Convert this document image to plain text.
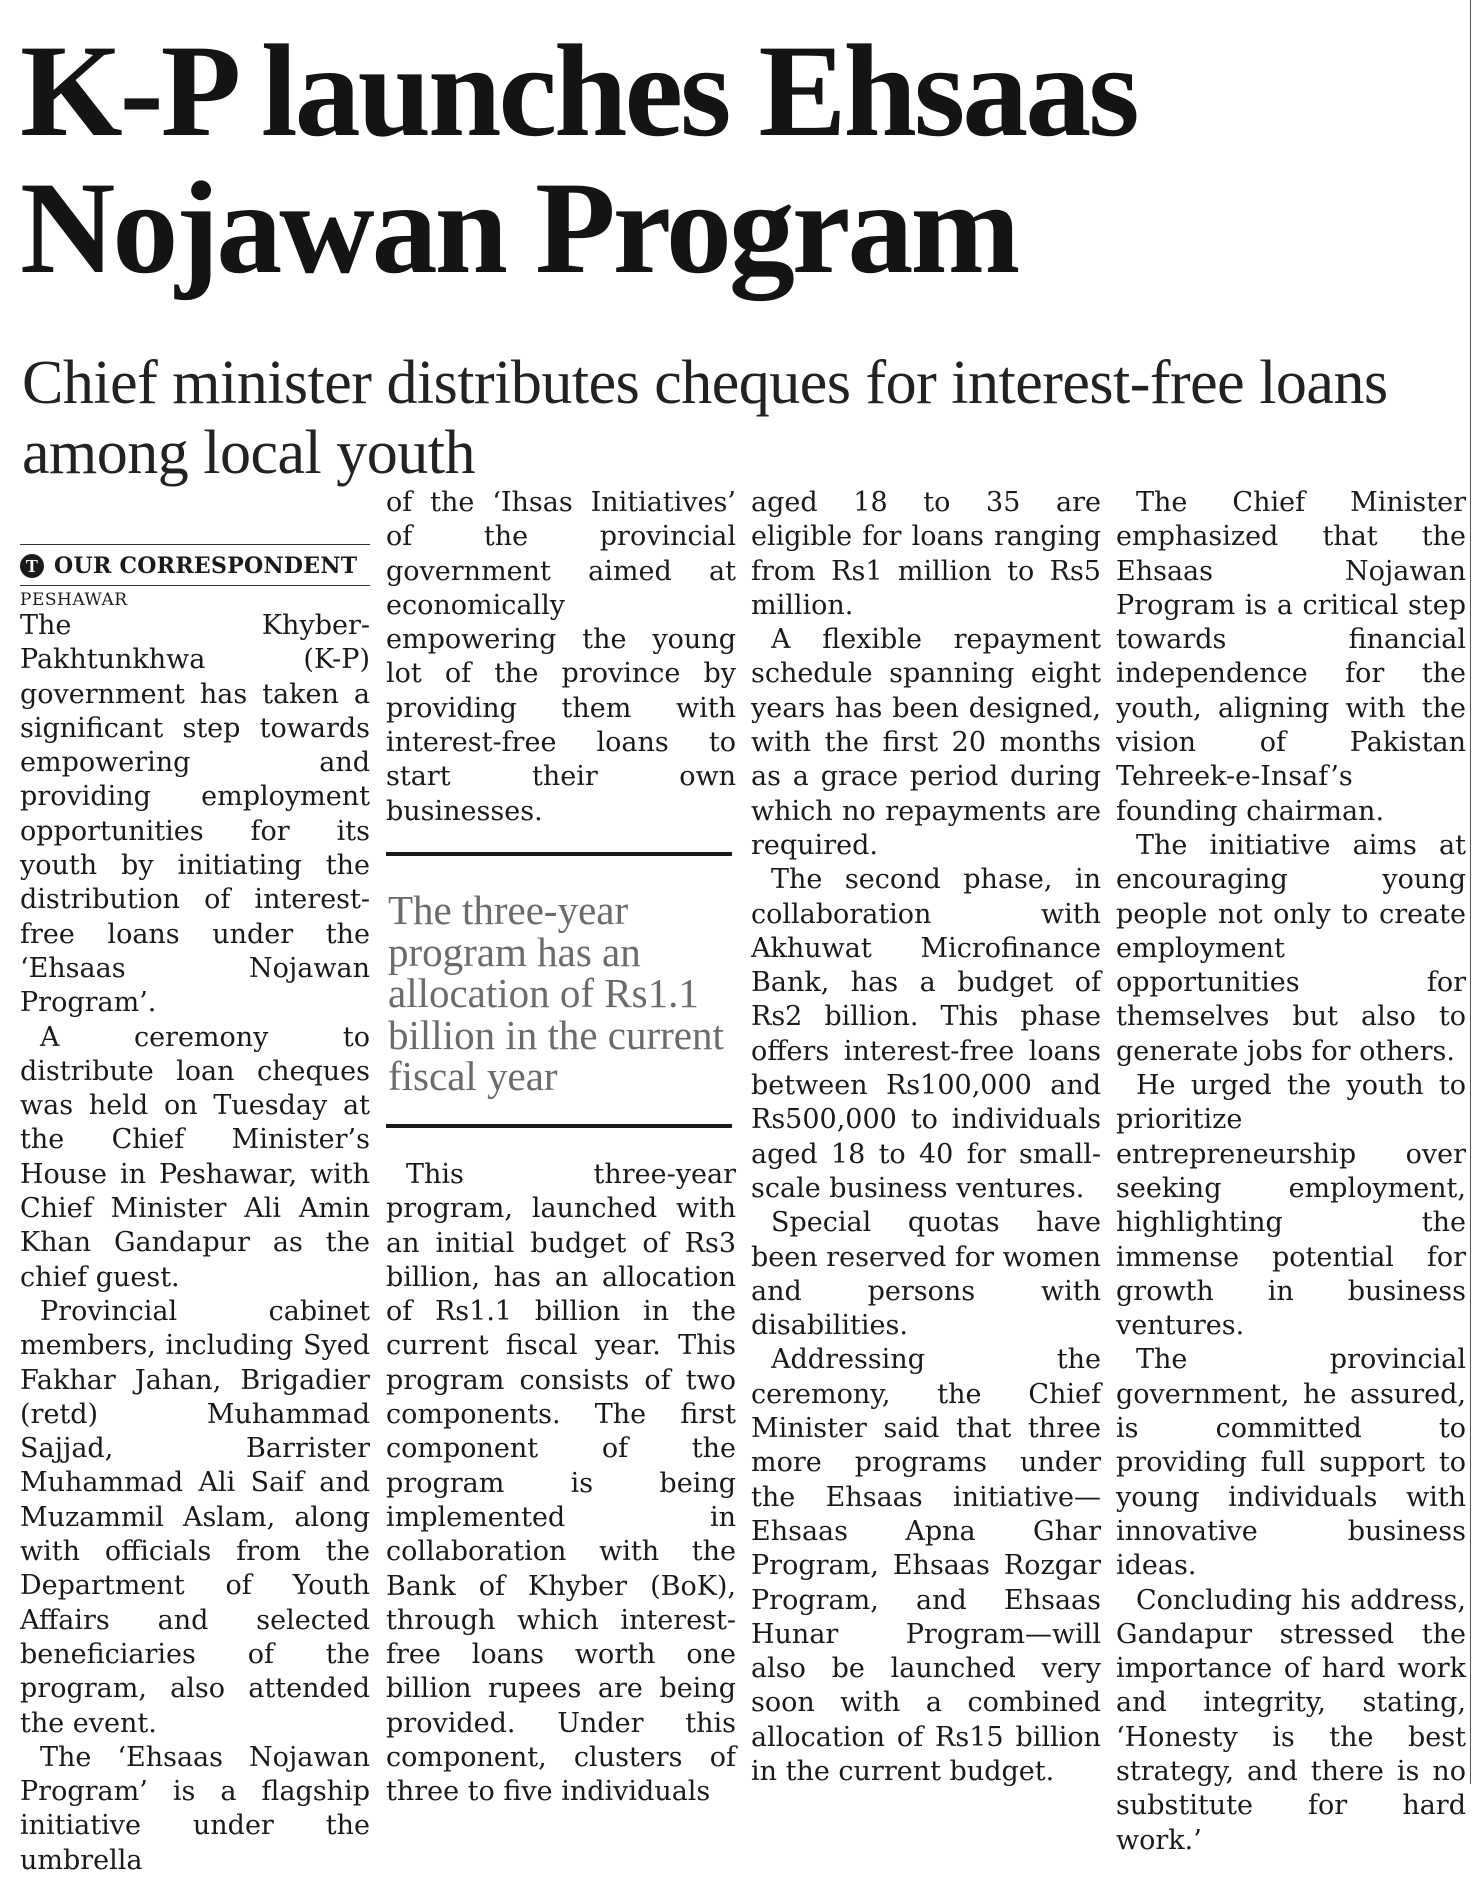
K-P launches Ehsaas Nojawan Program
Chief minister distributes cheques for interest-free loans among local youth
T OUR CORRESPONDENT
PESHAWAR

The Khyber-Pakhtunkhwa (K-P) government has taken a significant step towards empowering and providing employment opportunities for its youth by initiating the distribution of interest-free loans under the ‘Ehsaas Nojawan Program’.

A ceremony to distribute loan cheques was held on Tuesday at the Chief Minister’s House in Peshawar, with Chief Minister Ali Amin Khan Gandapur as the chief guest.

Provincial cabinet members, including Syed Fakhar Jahan, Brigadier (retd) Muhammad Sajjad, Barrister Muhammad Ali Saif and Muzammil Aslam, along with officials from the Department of Youth Affairs and selected beneficiaries of the program, also attended the event.

The ‘Ehsaas Nojawan Program’ is a flagship initiative under the umbrella

of the ‘Ihsas Initiatives’ of the provincial government aimed at economically empowering the young lot of the province by providing them with interest-free loans to start their own businesses.

The three-year program has an allocation of Rs1.1 billion in the current fiscal year

This three-year program, launched with an initial budget of Rs3 billion, has an allocation of Rs1.1 billion in the current fiscal year. This program consists of two components. The first component of the program is being implemented in collaboration with the Bank of Khyber (BoK), through which interest-free loans worth one billion rupees are being provided. Under this component, clusters of three to five individuals

aged 18 to 35 are eligible for loans ranging from Rs1 million to Rs5 million.

A flexible repayment schedule spanning eight years has been designed, with the first 20 months as a grace period during which no repayments are required.

The second phase, in collaboration with Akhuwat Microfinance Bank, has a budget of Rs2 billion. This phase offers interest-free loans between Rs100,000 and Rs500,000 to individuals aged 18 to 40 for small-scale business ventures.

Special quotas have been reserved for women and persons with disabilities.

Addressing the ceremony, the Chief Minister said that three more programs under the Ehsaas initiative—Ehsaas Apna Ghar Program, Ehsaas Rozgar Program, and Ehsaas Hunar Program—will also be launched very soon with a combined allocation of Rs15 billion in the current budget.

The Chief Minister emphasized that the Ehsaas Nojawan Program is a critical step towards financial independence for the youth, aligning with the vision of Pakistan Tehreek-e-Insaf’s founding chairman.

The initiative aims at encouraging young people not only to create employment opportunities for themselves but also to generate jobs for others.

He urged the youth to prioritize entrepreneurship over seeking employment, highlighting the immense potential for growth in business ventures.

The provincial government, he assured, is committed to providing full support to young individuals with innovative business ideas.

Concluding his address, Gandapur stressed the importance of hard work and integrity, stating, ‘Honesty is the best strategy, and there is no substitute for hard work.’
